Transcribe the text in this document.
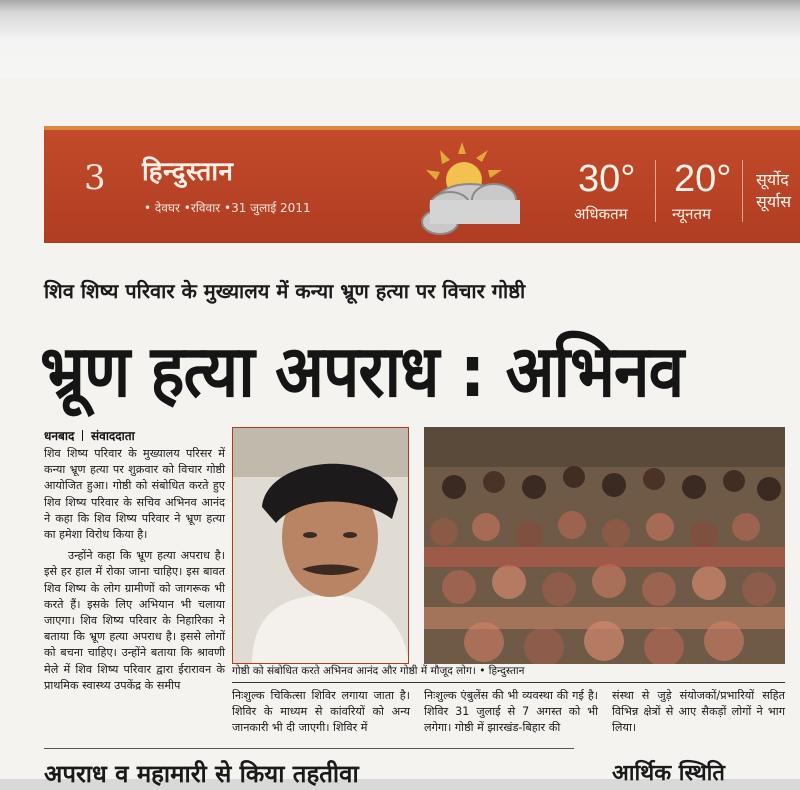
3	हिन्दुस्तान
• देवघर •रविवार •31 जुलाई 2011
30°
अधिकतम
20°
न्यूनतम
सूर्योद
सूर्यास
शिव शिष्य परिवार के मुख्यालय में कन्या भ्रूण हत्या पर विचार गोष्ठी
भ्रूण हत्या अपराध : अभिनव
धनबाद संवाददाता

शिव शिष्य परिवार के मुख्यालय परिसर में कन्या भ्रूण हत्या पर शुक्रवार को विचार गोष्ठी आयोजित हुआ। गोष्ठी को संबोधित करते हुए शिव शिष्य परिवार के सचिव अभिनव आनंद ने कहा कि शिव शिष्य परिवार ने भ्रूण हत्या का हमेशा विरोध किया है।

उन्होंने कहा कि भ्रूण हत्या अपराध है। इसे हर हाल में रोका जाना चाहिए। इस बावत शिव शिष्य के लोग ग्रामीणों को जागरूक भी करते हैं। इसके लिए अभियान भी चलाया जाएगा। शिव शिष्य परिवार के निहारिका ने बताया कि भ्रूण हत्या अपराध है। इससे लोगों को बचना चाहिए। उन्होंने बताया कि श्रावणी मेले में शिव शिष्य परिवार द्वारा ईरारावन के प्राथमिक स्वास्थ्य उपकेंद्र के समीप

गोष्ठी को संबोधित करते अभिनव आनंद और गोष्ठी में मौजूद लोग। • हिन्दुस्तान
निःशुल्क चिकित्सा शिविर लगाया जाता है। शिविर के माध्यम से कांवरियों को अन्य जानकारी भी दी जाएगी। शिविर में
निःशुल्क एंबुलेंस की भी व्यवस्था की गई है। शिविर 31 जुलाई से 7 अगस्त को भी लगेगा। गोष्ठी में झारखंड-बिहार की
संस्था से जुड़े संयोजकों/प्रभारियों सहित विभिन्न क्षेत्रों से आए सैकड़ों लोगों ने भाग लिया।
अपराध व महामारी से किया तहतीवा	आर्थिक स्थिति
